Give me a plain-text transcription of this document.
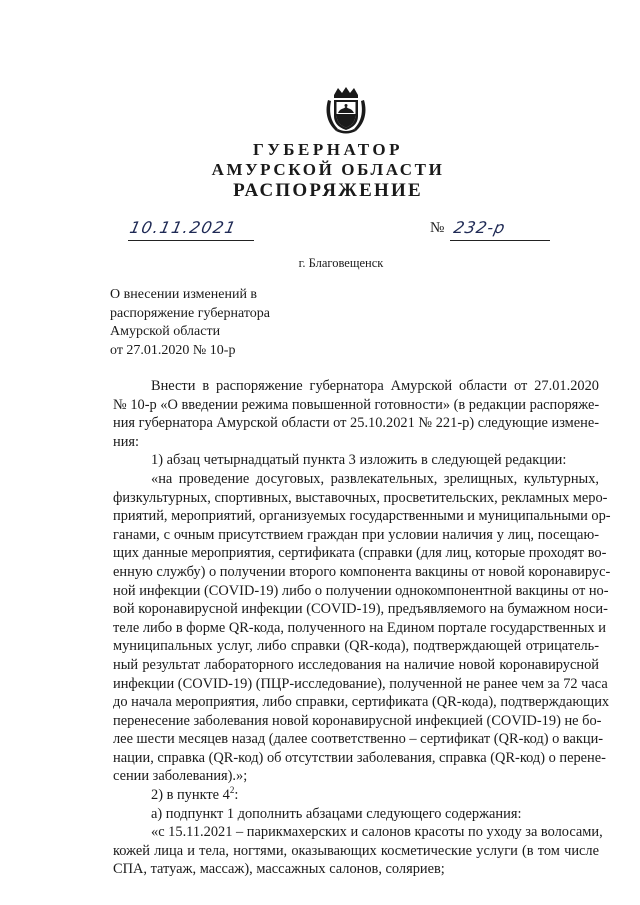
ГУБЕРНАТОР
АМУРСКОЙ ОБЛАСТИ
РАСПОРЯЖЕНИЕ
10.11.2021	№ 232-р
г. Благовещенск
О внесении изменений в
распоряжение губернатора
Амурской области
от 27.01.2020 № 10-р
Внести в распоряжение губернатора Амурской области от 27.01.2020
№ 10-р «О введении режима повышенной готовности» (в редакции распоряже-
ния губернатора Амурской области от 25.10.2021 № 221-р) следующие измене-
ния:
1) абзац четырнадцатый пункта 3 изложить в следующей редакции:
«на проведение досуговых, развлекательных, зрелищных, культурных,
физкультурных, спортивных, выставочных, просветительских, рекламных меро-
приятий, мероприятий, организуемых государственными и муниципальными ор-
ганами, с очным присутствием граждан при условии наличия у лиц, посещаю-
щих данные мероприятия, сертификата (справки (для лиц, которые проходят во-
енную службу) о получении второго компонента вакцины от новой коронавирус-
ной инфекции (COVID-19) либо о получении однокомпонентной вакцины от но-
вой коронавирусной инфекции (COVID-19), предъявляемого на бумажном носи-
теле либо в форме QR-кода, полученного на Едином портале государственных и
муниципальных услуг, либо справки (QR-кода), подтверждающей отрицатель-
ный результат лабораторного исследования на наличие новой коронавирусной
инфекции (COVID-19) (ПЦР-исследование), полученной не ранее чем за 72 часа
до начала мероприятия, либо справки, сертификата (QR-кода), подтверждающих
перенесение заболевания новой коронавирусной инфекцией (COVID-19) не бо-
лее шести месяцев назад (далее соответственно – сертификат (QR-код) о вакци-
нации, справка (QR-код) об отсутствии заболевания, справка (QR-код) о перене-
сении заболевания).»;
2) в пункте $4^2$:
а) подпункт 1 дополнить абзацами следующего содержания:
«с 15.11.2021 – парикмахерских и салонов красоты по уходу за волосами,
кожей лица и тела, ногтями, оказывающих косметические услуги (в том числе
СПА, татуаж, массаж), массажных салонов, соляриев;
